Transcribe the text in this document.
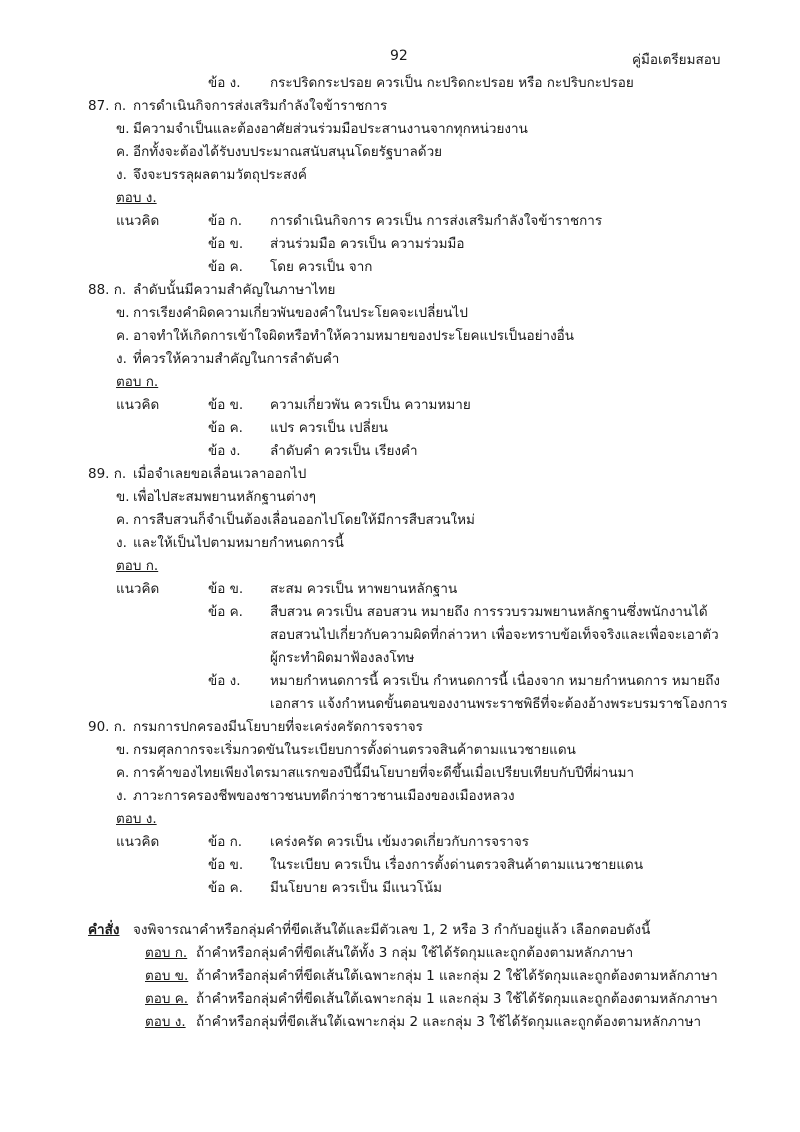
92	คู่มือเตรียมสอบ
ข้อ ง. กระปริดกระปรอย ควรเป็น กะปริดกะปรอย หรือ กะปริบกะปรอย
87. ก. การดำเนินกิจการส่งเสริมกำลังใจข้าราชการ
ข. มีความจำเป็นและต้องอาศัยส่วนร่วมมือประสานงานจากทุกหน่วยงาน
ค. อีกทั้งจะต้องได้รับงบประมาณสนับสนุนโดยรัฐบาลด้วย
ง. จึงจะบรรลุผลตามวัตถุประสงค์
ตอบ ง.
แนวคิด	ข้อ ก. การดำเนินกิจการ ควรเป็น การส่งเสริมกำลังใจข้าราชการ
ข้อ ข. ส่วนร่วมมือ ควรเป็น ความร่วมมือ
ข้อ ค. โดย ควรเป็น จาก
88. ก. ลำดับนั้นมีความสำคัญในภาษาไทย
ข. การเรียงคำผิดความเกี่ยวพันของคำในประโยคจะเปลี่ยนไป
ค. อาจทำให้เกิดการเข้าใจผิดหรือทำให้ความหมายของประโยคแปรเป็นอย่างอื่น
ง. ที่ควรให้ความสำคัญในการลำดับคำ
ตอบ ก.
แนวคิด	ข้อ ข. ความเกี่ยวพัน ควรเป็น ความหมาย
ข้อ ค. แปร ควรเป็น เปลี่ยน
ข้อ ง. ลำดับคำ ควรเป็น เรียงคำ
89. ก. เมื่อจำเลยขอเลื่อนเวลาออกไป
ข. เพื่อไปสะสมพยานหลักฐานต่างๆ
ค. การสืบสวนก็จำเป็นต้องเลื่อนออกไปโดยให้มีการสืบสวนใหม่
ง. และให้เป็นไปตามหมายกำหนดการนี้
ตอบ ก.
แนวคิด	ข้อ ข. สะสม ควรเป็น หาพยานหลักฐาน
ข้อ ค. สืบสวน ควรเป็น สอบสวน หมายถึง การรวบรวมพยานหลักฐานซึ่งพนักงานได้
สอบสวนไปเกี่ยวกับความผิดที่กล่าวหา เพื่อจะทราบข้อเท็จจริงและเพื่อจะเอาตัว
ผู้กระทำผิดมาฟ้องลงโทษ
ข้อ ง. หมายกำหนดการนี้ ควรเป็น กำหนดการนี้ เนื่องจาก หมายกำหนดการ หมายถึง
เอกสาร แจ้งกำหนดขั้นตอนของงานพระราชพิธีที่จะต้องอ้างพระบรมราชโองการ
90. ก. กรมการปกครองมีนโยบายที่จะเคร่งครัดการจราจร
ข. กรมศุลกากรจะเริ่มกวดขันในระเบียบการตั้งด่านตรวจสินค้าตามแนวชายแดน
ค. การค้าของไทยเพียงไตรมาสแรกของปีนี้มีนโยบายที่จะดีขึ้นเมื่อเปรียบเทียบกับปีที่ผ่านมา
ง. ภาวะการครองชีพของชาวชนบทดีกว่าชาวชานเมืองของเมืองหลวง
ตอบ ง.
แนวคิด	ข้อ ก. เคร่งครัด ควรเป็น เข้มงวดเกี่ยวกับการจราจร
ข้อ ข. ในระเบียบ ควรเป็น เรื่องการตั้งด่านตรวจสินค้าตามแนวชายแดน
ข้อ ค. มีนโยบาย ควรเป็น มีแนวโน้ม
คำสั่ง จงพิจารณาคำหรือกลุ่มคำที่ขีดเส้นใต้และมีตัวเลข 1, 2 หรือ 3 กำกับอยู่แล้ว เลือกตอบดังนี้
ตอบ ก. ถ้าคำหรือกลุ่มคำที่ขีดเส้นใต้ทั้ง 3 กลุ่ม ใช้ได้รัดกุมและถูกต้องตามหลักภาษา
ตอบ ข. ถ้าคำหรือกลุ่มคำที่ขีดเส้นใต้เฉพาะกลุ่ม 1 และกลุ่ม 2 ใช้ได้รัดกุมและถูกต้องตามหลักภาษา
ตอบ ค. ถ้าคำหรือกลุ่มคำที่ขีดเส้นใต้เฉพาะกลุ่ม 1 และกลุ่ม 3 ใช้ได้รัดกุมและถูกต้องตามหลักภาษา
ตอบ ง. ถ้าคำหรือกลุ่มที่ขีดเส้นใต้เฉพาะกลุ่ม 2 และกลุ่ม 3 ใช้ได้รัดกุมและถูกต้องตามหลักภาษา
